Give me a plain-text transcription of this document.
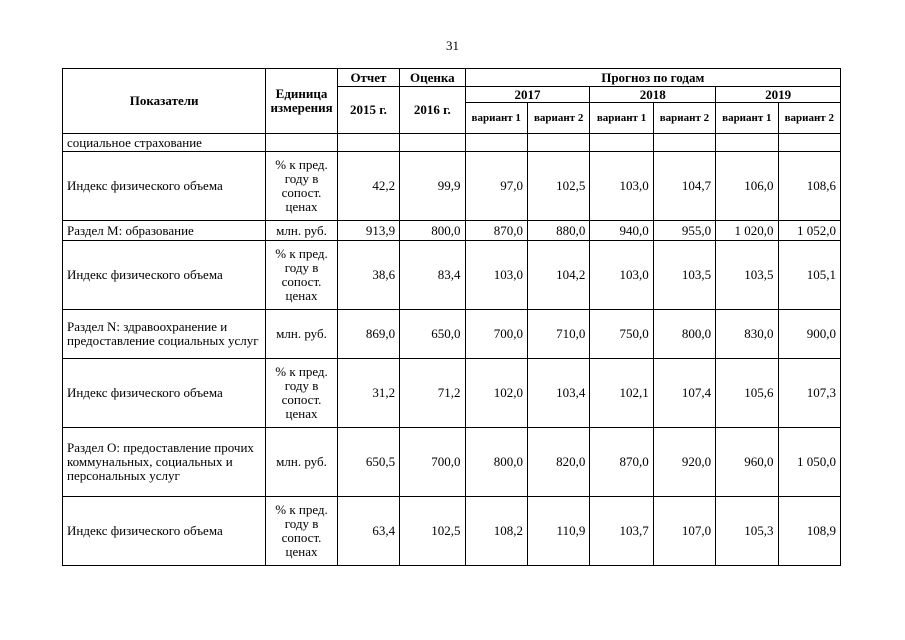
31
Показатели	Единица измерения	Отчет	Оценка	Прогноз по годам					
		2015 г.	2016 г.	2017		2018		2019	
				вариант 1	вариант 2	вариант 1	вариант 2	вариант 1	вариант 2
социальное страхование									
Индекс физического объема	% к пред. году в сопост. ценах	42,2	99,9	97,0	102,5	103,0	104,7	106,0	108,6
Раздел М: образование	млн. руб.	913,9	800,0	870,0	880,0	940,0	955,0	1 020,0	1 052,0
Индекс физического объема	% к пред. году в сопост. ценах	38,6	83,4	103,0	104,2	103,0	103,5	103,5	105,1
Раздел N: здравоохранение и предоставление социальных услуг	млн. руб.	869,0	650,0	700,0	710,0	750,0	800,0	830,0	900,0
Индекс физического объема	% к пред. году в сопост. ценах	31,2	71,2	102,0	103,4	102,1	107,4	105,6	107,3
Раздел О: предоставление прочих коммунальных, социальных и персональных услуг	млн. руб.	650,5	700,0	800,0	820,0	870,0	920,0	960,0	1 050,0
Индекс физического объема	% к пред. году в сопост. ценах	63,4	102,5	108,2	110,9	103,7	107,0	105,3	108,9
